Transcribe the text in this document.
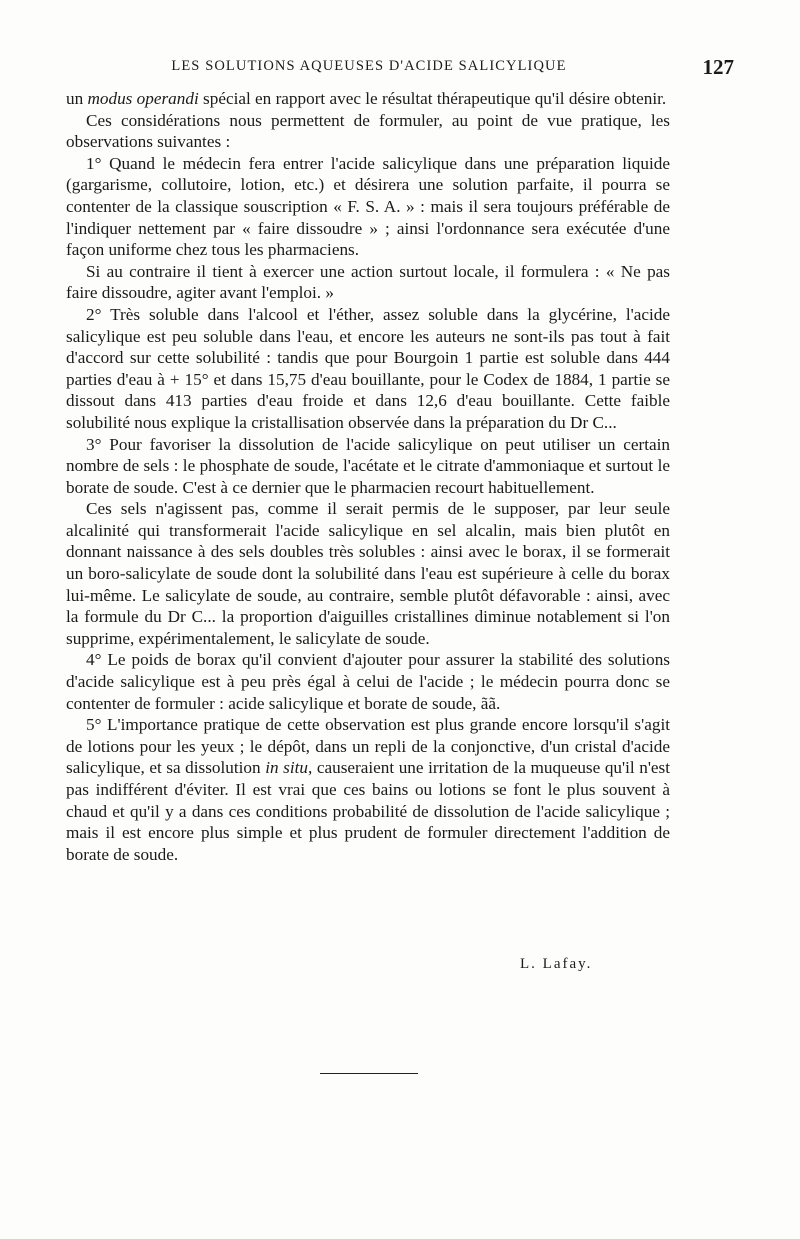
LES SOLUTIONS AQUEUSES D'ACIDE SALICYLIQUE	127

un modus operandi spécial en rapport avec le résultat thérapeutique qu'il désire obtenir.

Ces considérations nous permettent de formuler, au point de vue pratique, les observations suivantes :

1° Quand le médecin fera entrer l'acide salicylique dans une préparation liquide (gargarisme, collutoire, lotion, etc.) et désirera une solution parfaite, il pourra se contenter de la classique souscription « F. S. A. » : mais il sera toujours préférable de l'indiquer nettement par « faire dissoudre » ; ainsi l'ordonnance sera exécutée d'une façon uniforme chez tous les pharmaciens.

Si au contraire il tient à exercer une action surtout locale, il formulera : « Ne pas faire dissoudre, agiter avant l'emploi. »

2° Très soluble dans l'alcool et l'éther, assez soluble dans la glycérine, l'acide salicylique est peu soluble dans l'eau, et encore les auteurs ne sont-ils pas tout à fait d'accord sur cette solubilité : tandis que pour Bourgoin 1 partie est soluble dans 444 parties d'eau à + 15° et dans 15,75 d'eau bouillante, pour le Codex de 1884, 1 partie se dissout dans 413 parties d'eau froide et dans 12,6 d'eau bouillante. Cette faible solubilité nous explique la cristallisation observée dans la préparation du Dr C...

3° Pour favoriser la dissolution de l'acide salicylique on peut utiliser un certain nombre de sels : le phosphate de soude, l'acétate et le citrate d'ammoniaque et surtout le borate de soude. C'est à ce dernier que le pharmacien recourt habituellement.

Ces sels n'agissent pas, comme il serait permis de le supposer, par leur seule alcalinité qui transformerait l'acide salicylique en sel alcalin, mais bien plutôt en donnant naissance à des sels doubles très solubles : ainsi avec le borax, il se formerait un boro-salicylate de soude dont la solubilité dans l'eau est supérieure à celle du borax lui-même. Le salicylate de soude, au contraire, semble plutôt défavorable : ainsi, avec la formule du Dr C... la proportion d'aiguilles cristallines diminue notablement si l'on supprime, expérimentalement, le salicylate de soude.

4° Le poids de borax qu'il convient d'ajouter pour assurer la stabilité des solutions d'acide salicylique est à peu près égal à celui de l'acide ; le médecin pourra donc se contenter de formuler : acide salicylique et borate de soude, ãã.

5° L'importance pratique de cette observation est plus grande encore lorsqu'il s'agit de lotions pour les yeux ; le dépôt, dans un repli de la conjonctive, d'un cristal d'acide salicylique, et sa dissolution in situ, causeraient une irritation de la muqueuse qu'il n'est pas indifférent d'éviter. Il est vrai que ces bains ou lotions se font le plus souvent à chaud et qu'il y a dans ces conditions probabilité de dissolution de l'acide salicylique ; mais il est encore plus simple et plus prudent de formuler directement l'addition de borate de soude.

L. Lafay.
